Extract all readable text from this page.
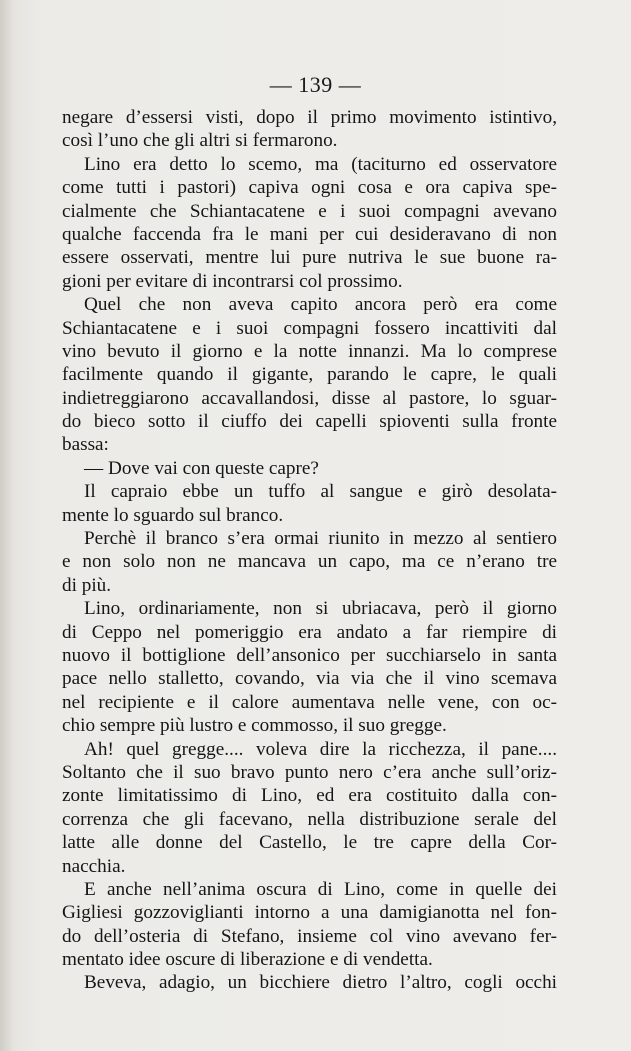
— 139 —
negare d’essersi visti, dopo il primo movimento istintivo,
così l’uno che gli altri si fermarono.
Lino era detto lo scemo, ma (taciturno ed osservatore
come tutti i pastori) capiva ogni cosa e ora capiva spe-
cialmente che Schiantacatene e i suoi compagni avevano
qualche faccenda fra le mani per cui desideravano di non
essere osservati, mentre lui pure nutriva le sue buone ra-
gioni per evitare di incontrarsi col prossimo.
Quel che non aveva capito ancora però era come
Schiantacatene e i suoi compagni fossero incattiviti dal
vino bevuto il giorno e la notte innanzi. Ma lo comprese
facilmente quando il gigante, parando le capre, le quali
indietreggiarono accavallandosi, disse al pastore, lo sguar-
do bieco sotto il ciuffo dei capelli spioventi sulla fronte
bassa:
— Dove vai con queste capre?
Il capraio ebbe un tuffo al sangue e girò desolata-
mente lo sguardo sul branco.
Perchè il branco s’era ormai riunito in mezzo al sentiero
e non solo non ne mancava un capo, ma ce n’erano tre
di più.
Lino, ordinariamente, non si ubriacava, però il giorno
di Ceppo nel pomeriggio era andato a far riempire di
nuovo il bottiglione dell’ansonico per succhiarselo in santa
pace nello stalletto, covando, via via che il vino scemava
nel recipiente e il calore aumentava nelle vene, con oc-
chio sempre più lustro e commosso, il suo gregge.
Ah! quel gregge.... voleva dire la ricchezza, il pane....
Soltanto che il suo bravo punto nero c’era anche sull’oriz-
zonte limitatissimo di Lino, ed era costituito dalla con-
correnza che gli facevano, nella distribuzione serale del
latte alle donne del Castello, le tre capre della Cor-
nacchia.
E anche nell’anima oscura di Lino, come in quelle dei
Gigliesi gozzovigliantі intorno a una damigianotta nel fon-
do dell’osteria di Stefano, insieme col vino avevano fer-
mentato idee oscure di liberazione e di vendetta.
Beveva, adagio, un bicchiere dietro l’altro, cogli occhi
